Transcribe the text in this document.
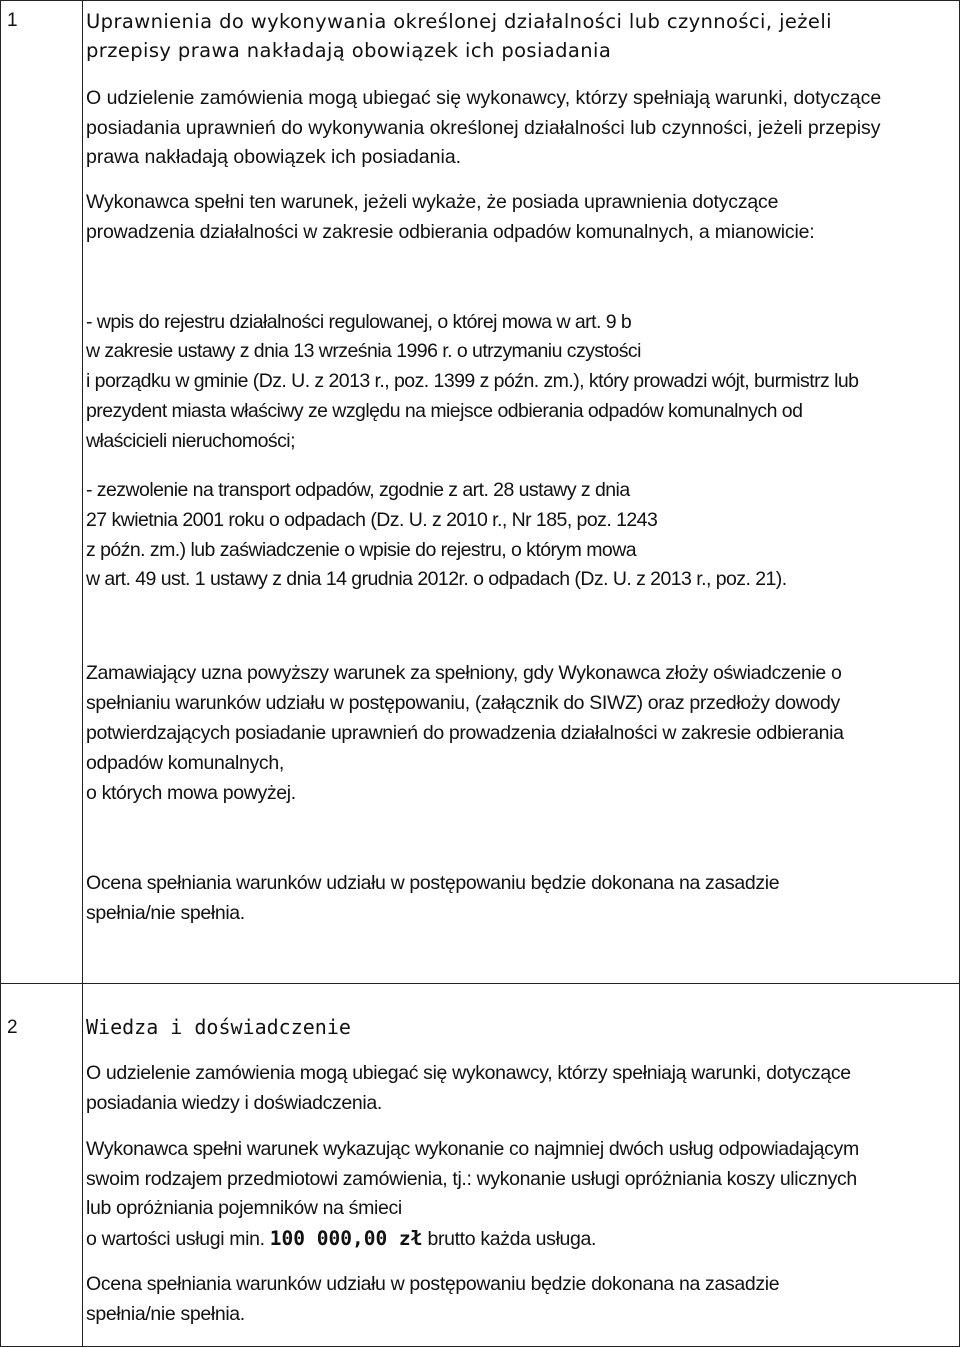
1	Uprawnienia do wykonywania określonej działalności lub czynności, jeżeli
przepisy prawa nakładają obowiązek ich posiadania
O udzielenie zamówienia mogą ubiegać się wykonawcy, którzy spełniają warunki, dotyczące
posiadania uprawnień do wykonywania określonej działalności lub czynności, jeżeli przepisy
prawa nakładają obowiązek ich posiadania.
Wykonawca spełni ten warunek, jeżeli wykaże, że posiada uprawnienia dotyczące
prowadzenia działalności w zakresie odbierania odpadów komunalnych, a mianowicie:
- wpis do rejestru działalności regulowanej, o której mowa w art. 9 b
w zakresie ustawy z dnia 13 września 1996 r. o utrzymaniu czystości
i porządku w gminie (Dz. U. z 2013 r., poz. 1399 z późn. zm.), który prowadzi wójt, burmistrz lub
prezydent miasta właściwy ze względu na miejsce odbierania odpadów komunalnych od
właścicieli nieruchomości;
- zezwolenie na transport odpadów, zgodnie z art. 28 ustawy z dnia
27 kwietnia 2001 roku o odpadach (Dz. U. z 2010 r., Nr 185, poz. 1243
z późn. zm.) lub zaświadczenie o wpisie do rejestru, o którym mowa
w art. 49 ust. 1 ustawy z dnia 14 grudnia 2012r. o odpadach (Dz. U. z 2013 r., poz. 21).
Zamawiający uzna powyższy warunek za spełniony, gdy Wykonawca złoży oświadczenie o
spełnianiu warunków udziału w postępowaniu, (załącznik do SIWZ) oraz przedłoży dowody
potwierdzających posiadanie uprawnień do prowadzenia działalności w zakresie odbierania
odpadów komunalnych,
o których mowa powyżej.
Ocena spełniania warunków udziału w postępowaniu będzie dokonana na zasadzie
spełnia/nie spełnia.
2	Wiedza i doświadczenie
O udzielenie zamówienia mogą ubiegać się wykonawcy, którzy spełniają warunki, dotyczące
posiadania wiedzy i doświadczenia.
Wykonawca spełni warunek wykazując wykonanie co najmniej dwóch usług odpowiadającym
swoim rodzajem przedmiotowi zamówienia, tj.: wykonanie usługi opróżniania koszy ulicznych
lub opróżniania pojemników na śmieci
o wartości usługi min. 100 000,00 zł brutto każda usługa.
Ocena spełniania warunków udziału w postępowaniu będzie dokonana na zasadzie
spełnia/nie spełnia.
